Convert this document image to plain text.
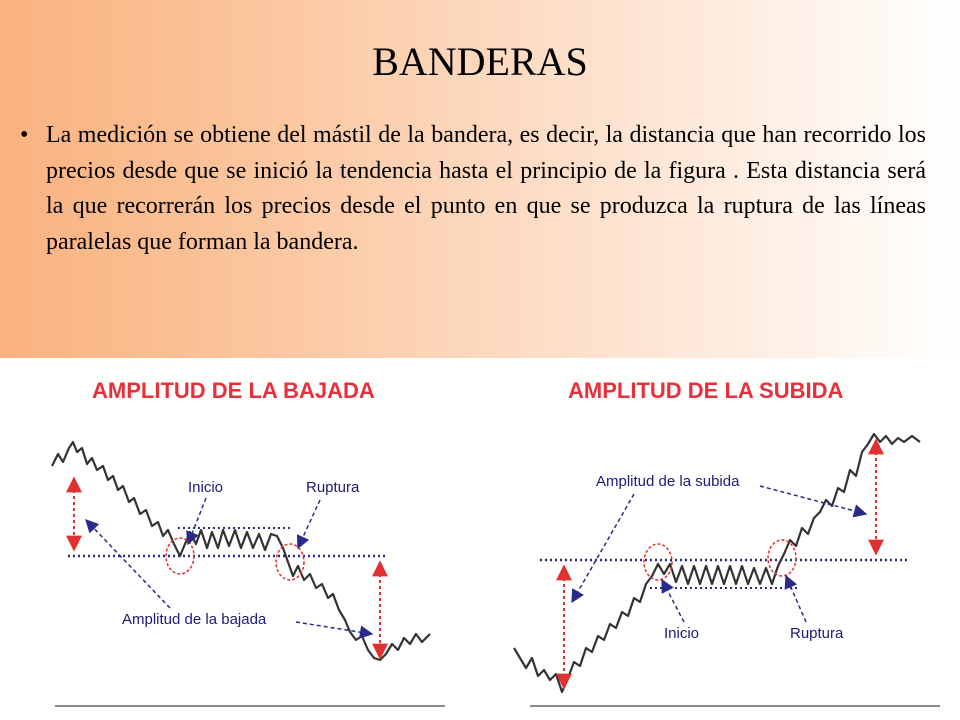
BANDERAS
• La medición se obtiene del mástil de la bandera, es decir, la distancia que han recorrido los precios desde que se inició la tendencia hasta el principio de la figura . Esta distancia será la que recorrerán los precios desde el punto en que se produzca la ruptura de las líneas paralelas que forman la bandera.
AMPLITUD DE LA BAJADA
Inicio	Ruptura
Amplitud de la bajada
AMPLITUD DE LA SUBIDA
Amplitud de la subida
Inicio	Ruptura
